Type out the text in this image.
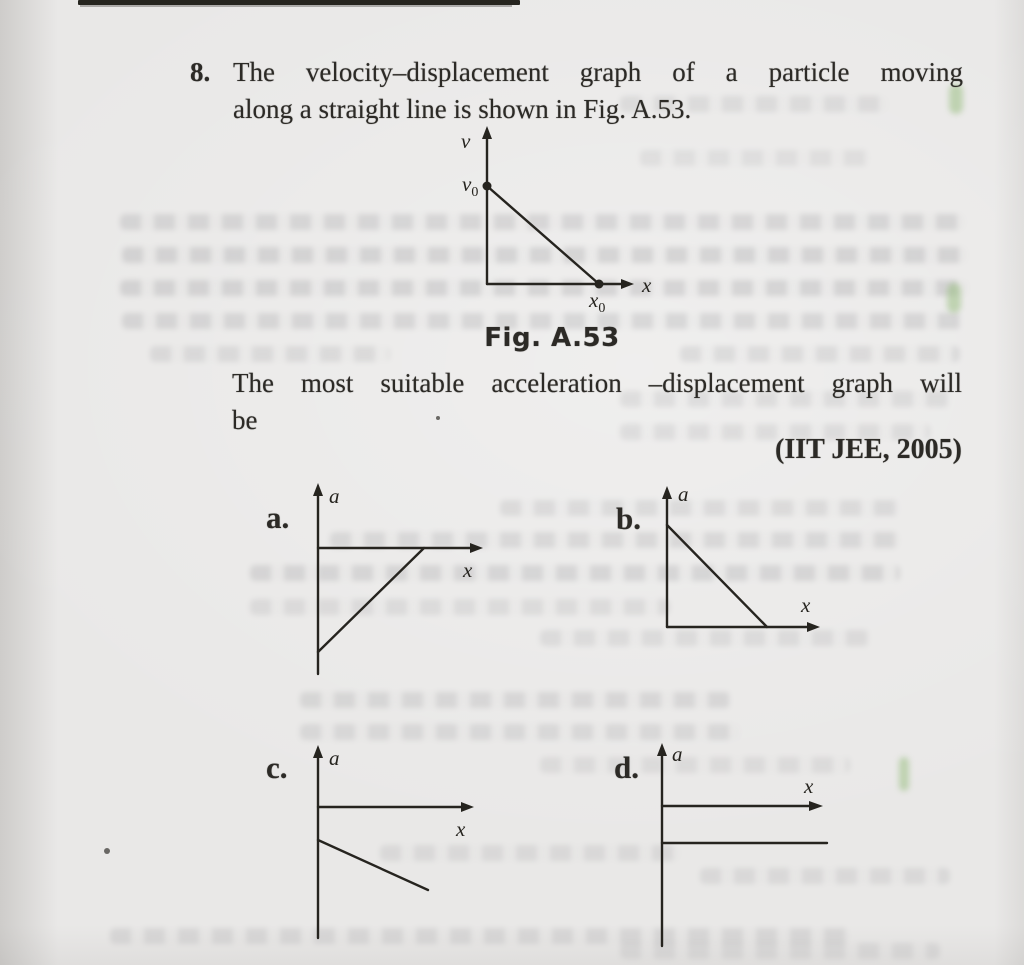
8. The velocity–displacement graph of a particle moving
along a straight line is shown in Fig. A.53.
v
x
$v_0$
$x_0$
Fig. A.53
The most suitable acceleration –displacement graph will
be
(IIT JEE, 2005)
a.
a
x
b.
a
x
c. a
x
d. a
x
